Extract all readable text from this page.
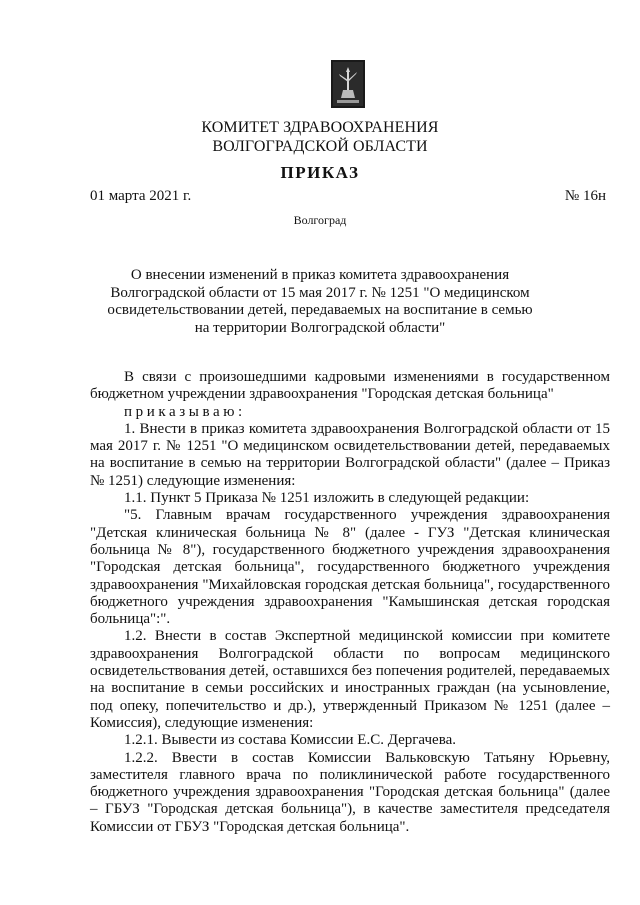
КОМИТЕТ ЗДРАВООХРАНЕНИЯ
ВОЛГОГРАДСКОЙ ОБЛАСТИ
ПРИКАЗ
01 марта 2021 г.	№ 16н
Волгоград
О внесении изменений в приказ комитета здравоохранения
Волгоградской области от 15 мая 2017 г. № 1251 "О медицинском
освидетельствовании детей, передаваемых на воспитание в семью
на территории Волгоградской области"

В связи с произошедшими кадровыми изменениями в государственном бюджетном учреждении здравоохранения "Городская детская больница"

приказываю:

1. Внести в приказ комитета здравоохранения Волгоградской области от 15 мая 2017 г. № 1251 "О медицинском освидетельствовании детей, передаваемых на воспитание в семью на территории Волгоградской области" (далее – Приказ № 1251) следующие изменения:

1.1. Пункт 5 Приказа № 1251 изложить в следующей редакции:

"5. Главным врачам государственного учреждения здравоохранения "Детская клиническая больница № 8" (далее - ГУЗ "Детская клиническая больница № 8"), государственного бюджетного учреждения здравоохранения "Городская детская больница", государственного бюджетного учреждения здравоохранения "Михайловская городская детская больница", государственного бюджетного учреждения здравоохранения "Камышинская детская городская больница":".

1.2. Внести в состав Экспертной медицинской комиссии при комитете здравоохранения Волгоградской области по вопросам медицинского освидетельствования детей, оставшихся без попечения родителей, передаваемых на воспитание в семьи российских и иностранных граждан (на усыновление, под опеку, попечительство и др.), утвержденный Приказом № 1251 (далее – Комиссия), следующие изменения:

1.2.1. Вывести из состава Комиссии Е.С. Дергачева.

1.2.2. Ввести в состав Комиссии Вальковскую Татьяну Юрьевну, заместителя главного врача по поликлинической работе государственного бюджетного учреждения здравоохранения "Городская детская больница" (далее – ГБУЗ "Городская детская больница"), в качестве заместителя председателя Комиссии от ГБУЗ "Городская детская больница".
